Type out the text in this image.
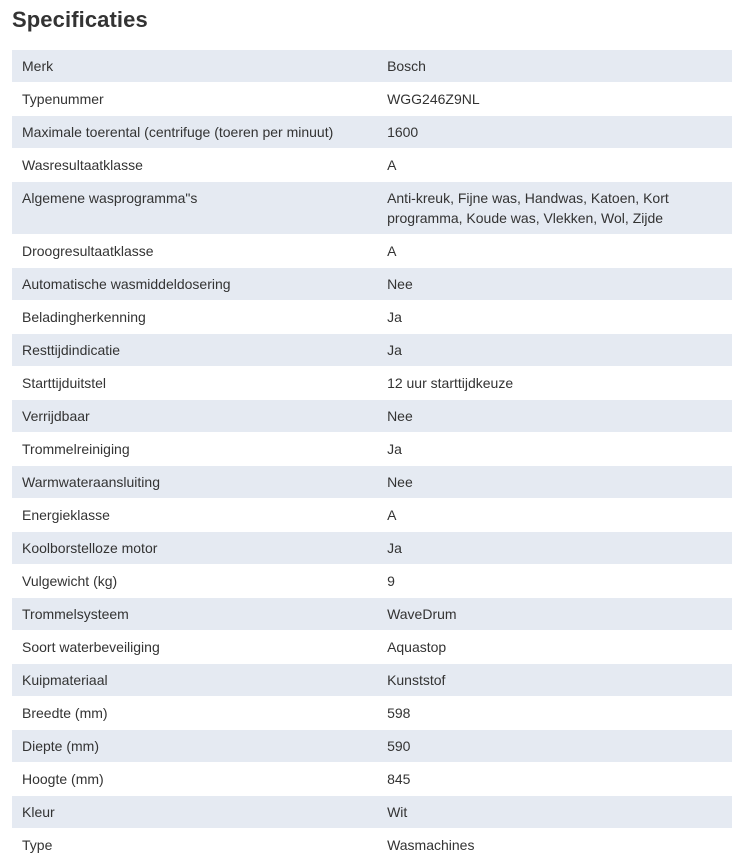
Specificaties
Merk	Bosch
Typenummer	WGG246Z9NL
Maximale toerental (centrifuge (toeren per minuut)	1600
Wasresultaatklasse	A
Algemene wasprogramma"s	Anti-kreuk, Fijne was, Handwas, Katoen, Kort programma, Koude was, Vlekken, Wol, Zijde
Droogresultaatklasse	A
Automatische wasmiddeldosering	Nee
Beladingherkenning	Ja
Resttijdindicatie	Ja
Starttijduitstel	12 uur starttijdkeuze
Verrijdbaar	Nee
Trommelreiniging	Ja
Warmwateraansluiting	Nee
Energieklasse	A
Koolborstelloze motor	Ja
Vulgewicht (kg)	9
Trommelsysteem	WaveDrum
Soort waterbeveiliging	Aquastop
Kuipmateriaal	Kunststof
Breedte (mm)	598
Diepte (mm)	590
Hoogte (mm)	845
Kleur	Wit
Type	Wasmachines
